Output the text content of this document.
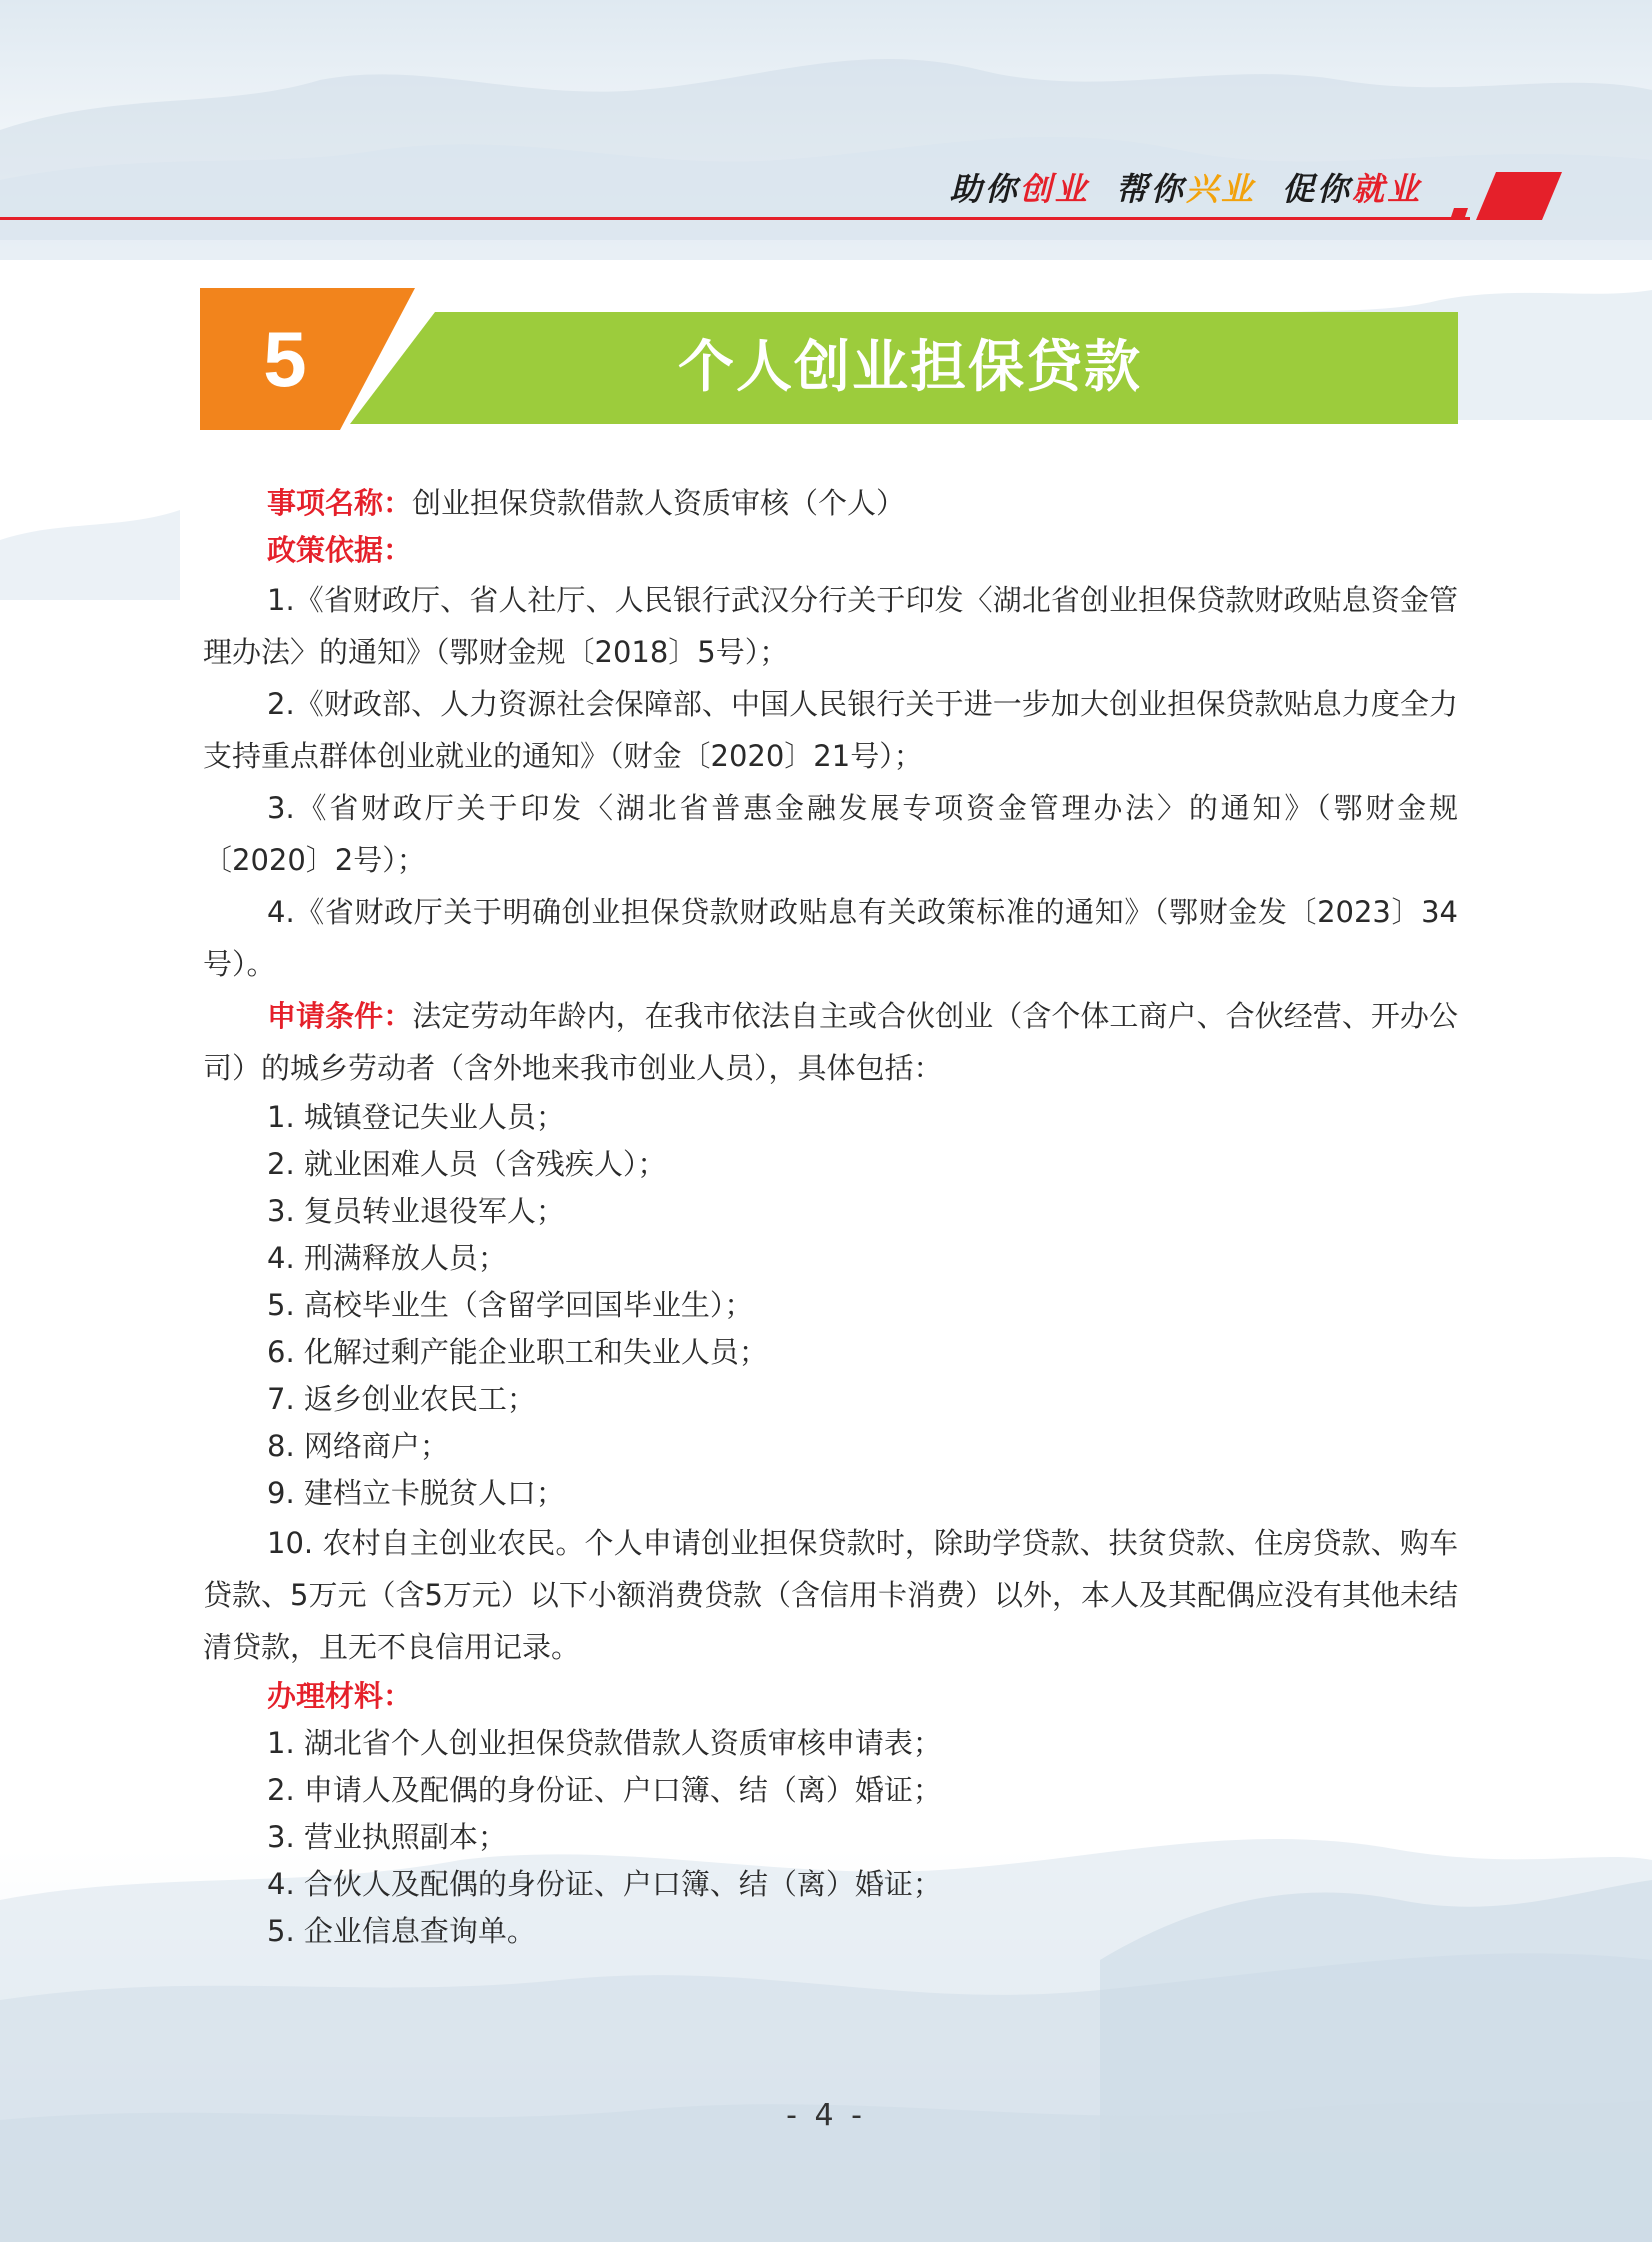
助你创业 帮你兴业 促你就业
5	个人创业担保贷款

事项名称：创业担保贷款借款人资质审核（个人）

政策依据：

1.《省财政厅、省人社厅、人民银行武汉分行关于印发〈湖北省创业担保贷款财政贴息资金管理办法〉的通知》（鄂财金规〔2018〕5号）；

2.《财政部、人力资源社会保障部、中国人民银行关于进一步加大创业担保贷款贴息力度全力支持重点群体创业就业的通知》（财金〔2020〕21号）；

3.《省财政厅关于印发〈湖北省普惠金融发展专项资金管理办法〉的通知》（鄂财金规〔2020〕2号）；

4.《省财政厅关于明确创业担保贷款财政贴息有关政策标准的通知》（鄂财金发〔2023〕34号）。

申请条件：法定劳动年龄内，在我市依法自主或合伙创业（含个体工商户、合伙经营、开办公司）的城乡劳动者（含外地来我市创业人员），具体包括：

1. 城镇登记失业人员；

2. 就业困难人员（含残疾人）；

3. 复员转业退役军人；

4. 刑满释放人员；

5. 高校毕业生（含留学回国毕业生）；

6. 化解过剩产能企业职工和失业人员；

7. 返乡创业农民工；

8. 网络商户；

9. 建档立卡脱贫人口；

10. 农村自主创业农民。个人申请创业担保贷款时，除助学贷款、扶贫贷款、住房贷款、购车贷款、5万元（含5万元）以下小额消费贷款（含信用卡消费）以外，本人及其配偶应没有其他未结清贷款，且无不良信用记录。

办理材料：

1. 湖北省个人创业担保贷款借款人资质审核申请表；

2. 申请人及配偶的身份证、户口簿、结（离）婚证；

3. 营业执照副本；

4. 合伙人及配偶的身份证、户口簿、结（离）婚证；

5. 企业信息查询单。

- 4 -
